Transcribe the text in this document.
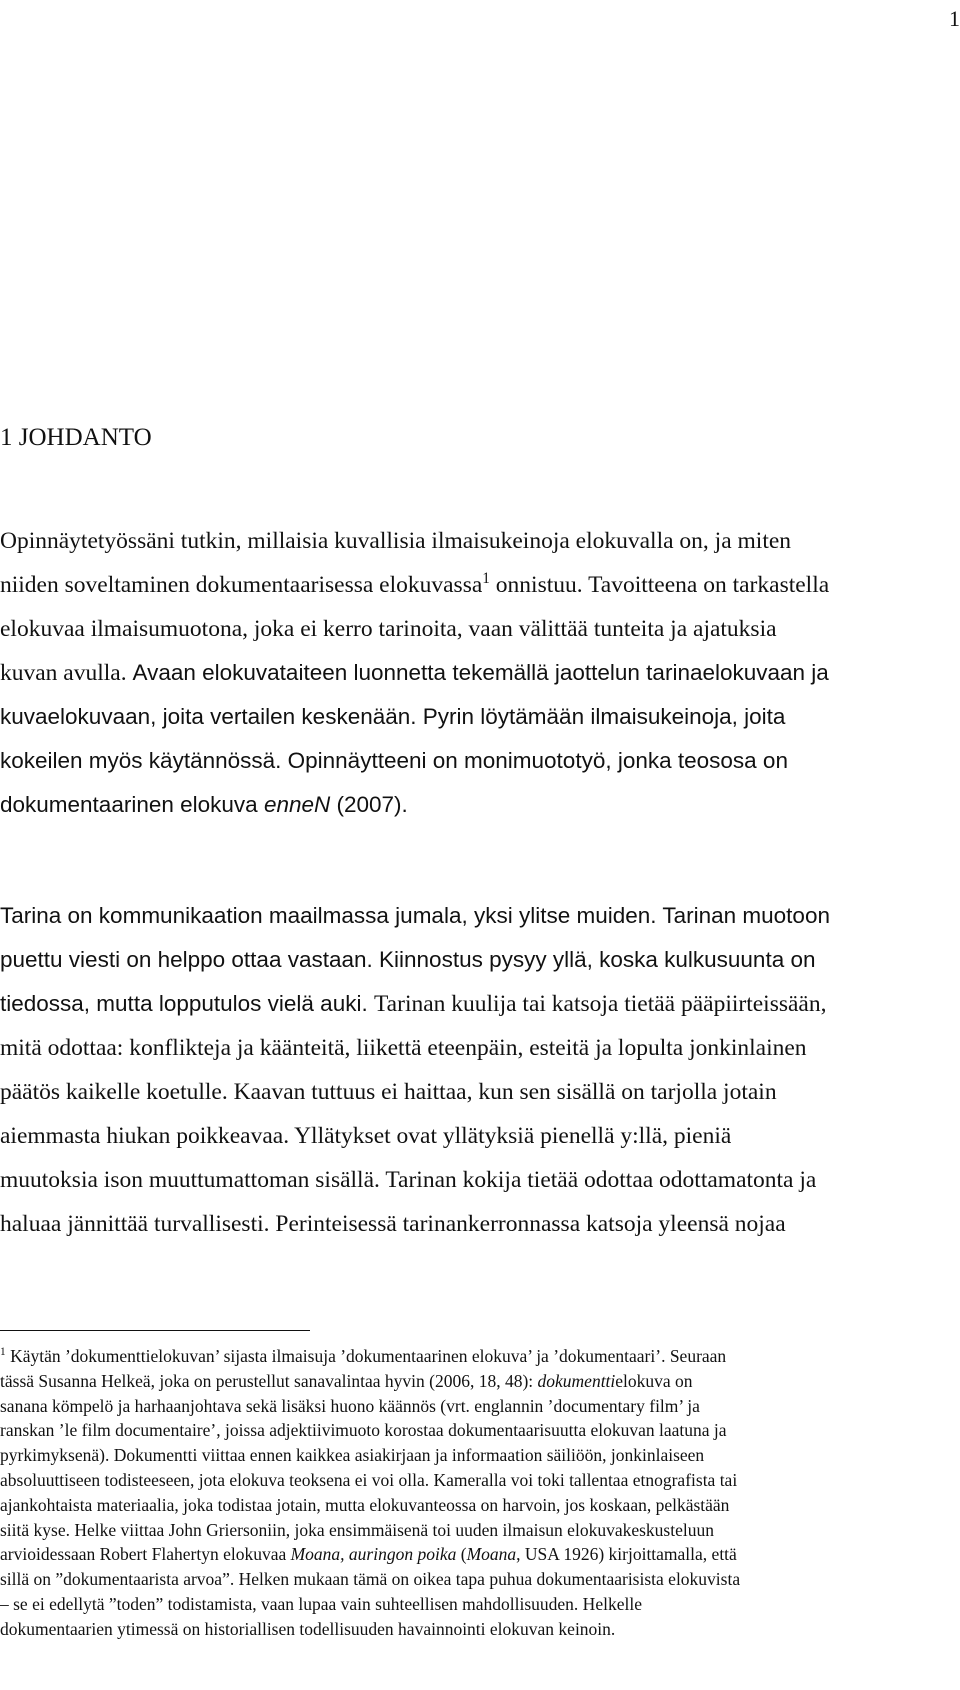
1
1 JOHDANTO
Opinnäytetyössäni tutkin, millaisia kuvallisia ilmaisukeinoja elokuvalla on, ja miten
niiden soveltaminen dokumentaarisessa elokuvassa$^1$ onnistuu. Tavoitteena on tarkastella
elokuvaa ilmaisumuotona, joka ei kerro tarinoita, vaan välittää tunteita ja ajatuksia
kuvan avulla. Avaan elokuvataiteen luonnetta tekemällä jaottelun tarinaelokuvaan ja
kuvaelokuvaan, joita vertailen keskenään. Pyrin löytämään ilmaisukeinoja, joita
kokeilen myös käytännössä. Opinnäytteeni on monimuototyö, jonka teososa on
dokumentaarinen elokuva enneN (2007).
Tarina on kommunikaation maailmassa jumala, yksi ylitse muiden. Tarinan muotoon
puettu viesti on helppo ottaa vastaan. Kiinnostus pysyy yllä, koska kulkusuunta on
tiedossa, mutta lopputulos vielä auki. Tarinan kuulija tai katsoja tietää pääpiirteissään,
mitä odottaa: konflikteja ja käänteitä, liikettä eteenpäin, esteitä ja lopulta jonkinlainen
päätös kaikelle koetulle. Kaavan tuttuus ei haittaa, kun sen sisällä on tarjolla jotain
aiemmasta hiukan poikkeavaa. Yllätykset ovat yllätyksiä pienellä y:llä, pieniä
muutoksia ison muuttumattoman sisällä. Tarinan kokija tietää odottaa odottamatonta ja
haluaa jännittää turvallisesti. Perinteisessä tarinankerronnassa katsoja yleensä nojaa
$^1$ Käytän ’dokumenttielokuvan’ sijasta ilmaisuja ’dokumentaarinen elokuva’ ja ’dokumentaari’. Seuraan
tässä Susanna Helkeä, joka on perustellut sanavalintaa hyvin (2006, 18, 48): dokumenttielokuva on
sanana kömpelö ja harhaanjohtava sekä lisäksi huono käännös (vrt. englannin ’documentary film’ ja
ranskan ’le film documentaire’, joissa adjektiivimuoto korostaa dokumentaarisuutta elokuvan laatuna ja
pyrkimyksenä). Dokumentti viittaa ennen kaikkea asiakirjaan ja informaation säiliöön, jonkinlaiseen
absoluuttiseen todisteeseen, jota elokuva teoksena ei voi olla. Kameralla voi toki tallentaa etnografista tai
ajankohtaista materiaalia, joka todistaa jotain, mutta elokuvanteossa on harvoin, jos koskaan, pelkästään
siitä kyse. Helke viittaa John Griersoniin, joka ensimmäisenä toi uuden ilmaisun elokuvakeskusteluun
arvioidessaan Robert Flahertyn elokuvaa Moana, auringon poika (Moana, USA 1926) kirjoittamalla, että
sillä on ”dokumentaarista arvoa”. Helken mukaan tämä on oikea tapa puhua dokumentaarisista elokuvista
– se ei edellytä ”toden” todistamista, vaan lupaa vain suhteellisen mahdollisuuden. Helkelle
dokumentaarien ytimessä on historiallisen todellisuuden havainnointi elokuvan keinoin.
